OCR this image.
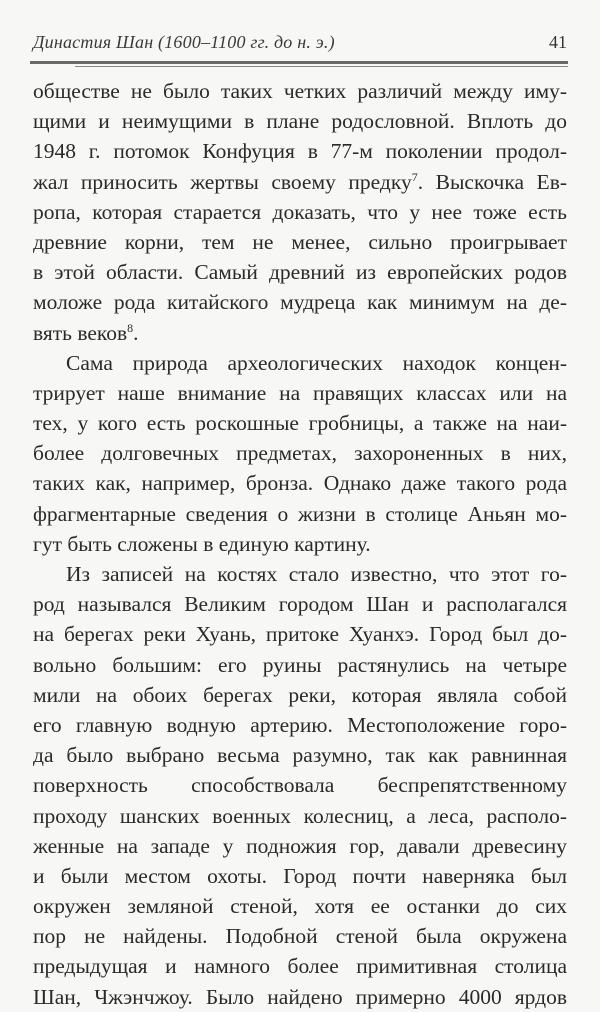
Династия Шан (1600–1100 гг. до н. э.)	41
обществе не было таких четких различий между иму-
щими и неимущими в плане родословной. Вплоть до
1948 г. потомок Конфуция в 77-м поколении продол-
жал приносить жертвы своему предку$^7$. Выскочка Ев-
ропа, которая старается доказать, что у нее тоже есть
древние корни, тем не менее, сильно проигрывает
в этой области. Самый древний из европейских родов
моложе рода китайского мудреца как минимум на де-
вять веков$^8$.
Сама природа археологических находок концен-
трирует наше внимание на правящих классах или на
тех, у кого есть роскошные гробницы, а также на наи-
более долговечных предметах, захороненных в них,
таких как, например, бронза. Однако даже такого рода
фрагментарные сведения о жизни в столице Аньян мо-
гут быть сложены в единую картину.
Из записей на костях стало известно, что этот го-
род назывался Великим городом Шан и располагался
на берегах реки Хуань, притоке Хуанхэ. Город был до-
вольно большим: его руины растянулись на четыре
мили на обоих берегах реки, которая являла собой
его главную водную артерию. Местоположение горо-
да было выбрано весьма разумно, так как равнинная
поверхность способствовала беспрепятственному
проходу шанских военных колесниц, а леса, располо-
женные на западе у подножия гор, давали древесину
и были местом охоты. Город почти наверняка был
окружен земляной стеной, хотя ее останки до сих
пор не найдены. Подобной стеной была окружена
предыдущая и намного более примитивная столица
Шан, Чжэнчжоу. Было найдено примерно 4000 ярдов
